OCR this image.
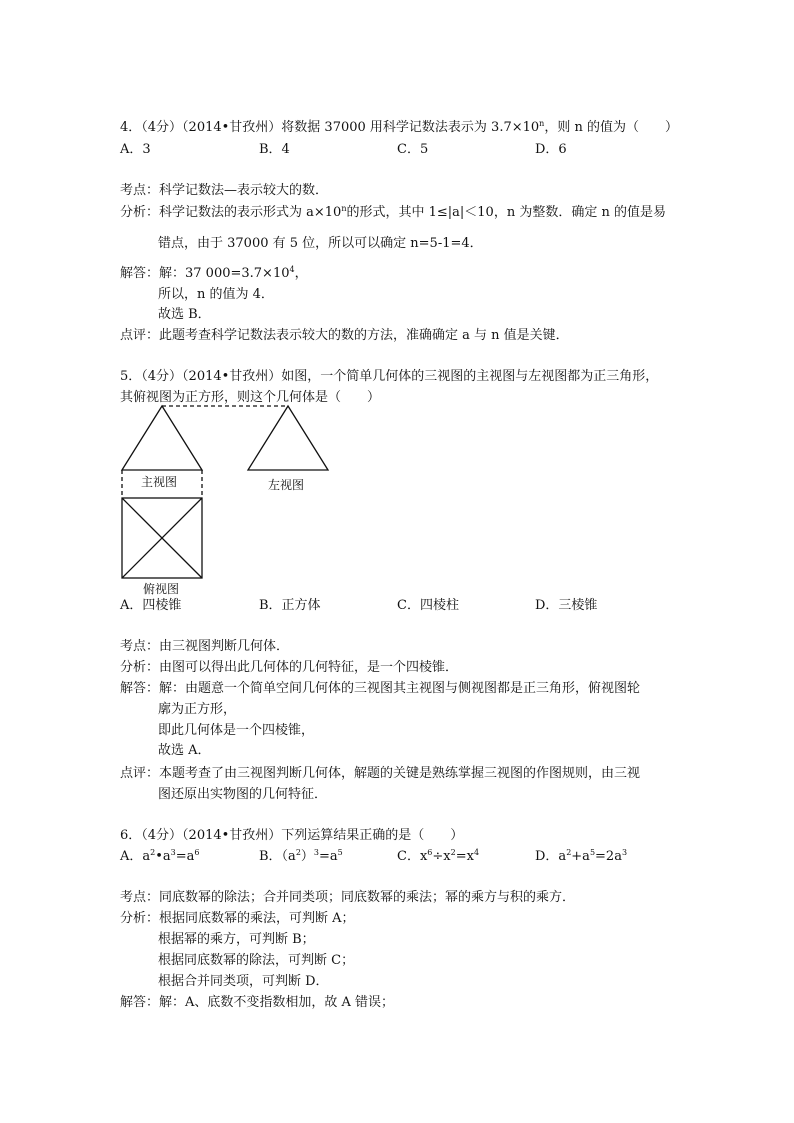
4．（4分）（2014•甘孜州）将数据 37000 用科学记数法表示为 $3.7\times 10^n$，则 n 的值为（　　）
A．3	B．4	C．5	D．6
考点：科学记数法—表示较大的数．
分析：科学记数法的表示形式为 $a\times 10^n$的形式，其中 1≤|a|＜10，n 为整数．确定 n 的值是易
错点，由于 37000 有 5 位，所以可以确定 n=5-1=4．
解答：解：37 $000=3.7\times 10^4$，
所以，n 的值为 4．
故选 B．
点评：此题考查科学记数法表示较大的数的方法，准确确定 a 与 n 值是关键．
5．（4分）（2014•甘孜州）如图，一个简单几何体的三视图的主视图与左视图都为正三角形，
其俯视图为正方形，则这个几何体是（　　）
主视图	左视图
俯视图
A．四棱锥	B．正方体	C．四棱柱	D．三棱锥
考点：由三视图判断几何体．
分析：由图可以得出此几何体的几何特征，是一个四棱锥．
解答：解：由题意一个简单空间几何体的三视图其主视图与侧视图都是正三角形，俯视图轮
廓为正方形，
即此几何体是一个四棱锥，
故选 A．
点评：本题考查了由三视图判断几何体，解题的关键是熟练掌握三视图的作图规则，由三视
图还原出实物图的几何特征．
6．（4分）（2014•甘孜州）下列运算结果正确的是（　　）
A．$a^2•a^3=a^6$	B．$(a^2)^3=a^5$	C．$x^6\div x^2=x^4$	D．$a^2+a^5=2a^3$
考点：同底数幂的除法；合并同类项；同底数幂的乘法；幂的乘方与积的乘方．
分析：根据同底数幂的乘法，可判断 A；
根据幂的乘方，可判断 B；
根据同底数幂的除法，可判断 C；
根据合并同类项，可判断 D．
解答：解：A、底数不变指数相加，故 A 错误；
